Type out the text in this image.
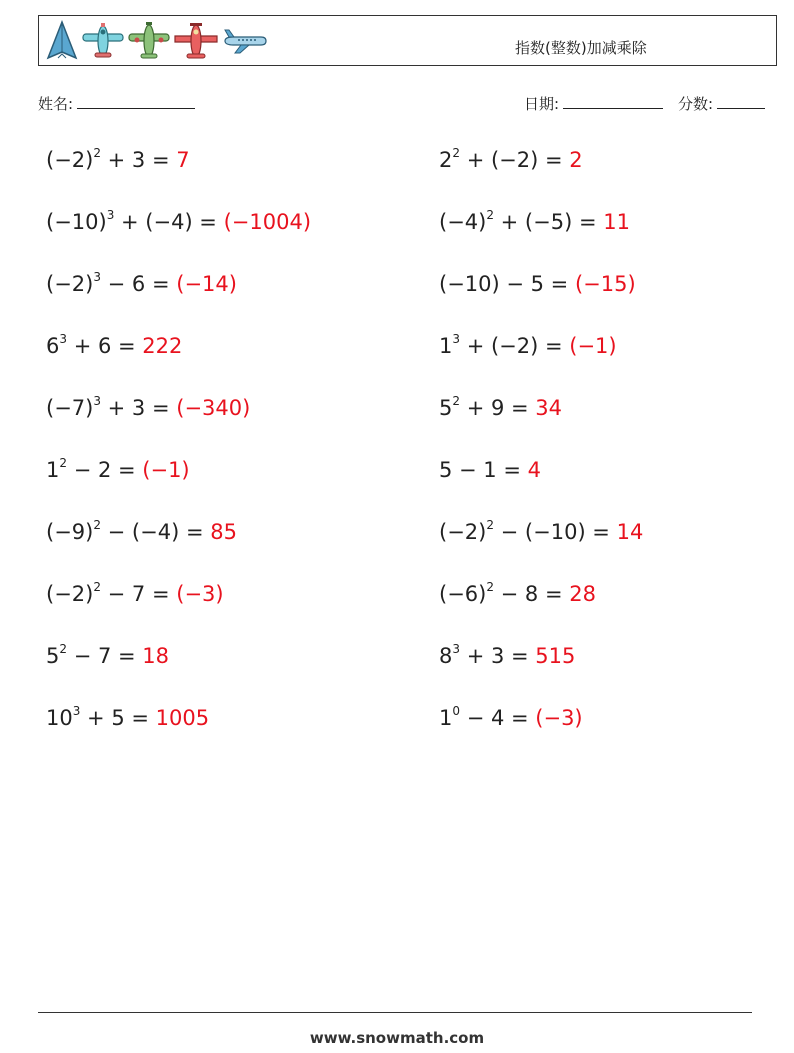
指数(整数)加减乘除
姓名:	日期:	分数:
$(-2)^2 + 3 = 7$	$2^2 + (-2) = 2$
$(-10)^3 + (-4) = (-1004)$	$(-4)^2 + (-5) = 11$
$(-2)^3 - 6 = (-14)$	(−10) − 5 = (−15)
$6^3 + 6 = 222$	$1^3 + (-2) = (-1)$
$(-7)^3 + 3 = (-340)$	$5^2 + 9 = 34$
$1^2 - 2 = (-1)$	5 − 1 = 4
$(-9)^2 - (-4) = 85$	$(-2)^2 - (-10) = 14$
$(-2)^2 - 7 = (-3)$	$(-6)^2 - 8 = 28$
$5^2 - 7 = 18$	$8^3 + 3 = 515$
$10^3 + 5 = 1005$	$1^0 - 4 = (-3)$
www.snowmath.com
